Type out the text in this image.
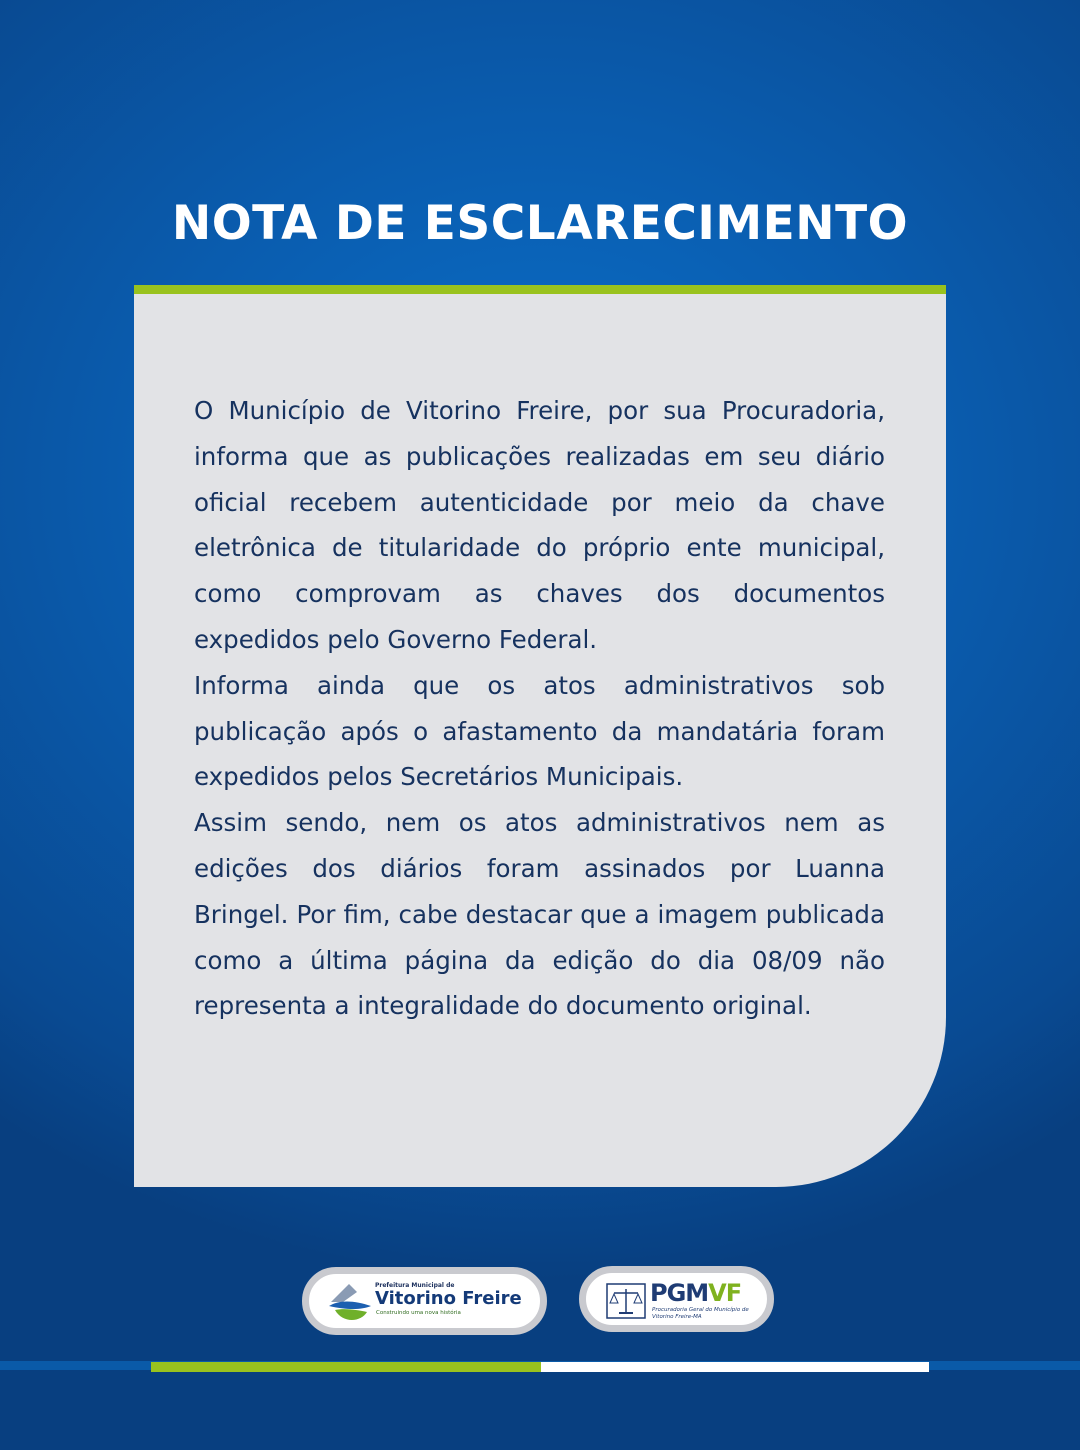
NOTA DE ESCLARECIMENTO

O Município de Vitorino Freire, por sua Procuradoria, informa que as publicações realizadas em seu diário oficial recebem autenticidade por meio da chave eletrônica de titularidade do próprio ente municipal, como comprovam as chaves dos documentos expedidos pelo Governo Federal.

Informa ainda que os atos administrativos sob publicação após o afastamento da mandatária foram expedidos pelos Secretários Municipais.

Assim sendo, nem os atos administrativos nem as edições dos diários foram assinados por Luanna Bringel. Por fim, cabe destacar que a imagem publicada como a última página da edição do dia 08/09 não representa a integralidade do documento original.

Prefeitura Municipal de
Vitorino Freire
Construindo uma nova história
PGMVF
Procuradoria Geral do Município de Vitorino Freire-MA
